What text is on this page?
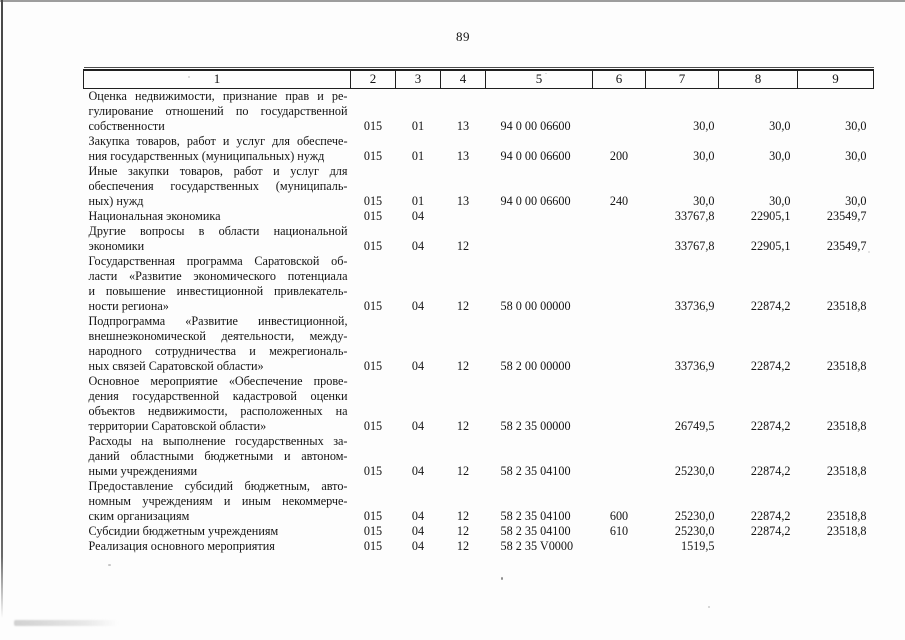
89
1	2	3	4	5	6	7	8	9

Оценка недвижимости, признание прав и ре-
гулирование отношений по государственной
собственности	015	01	13	94 0 00 06600		30,0	30,0	30,0

Закупка товаров, работ и услуг для обеспече-
ния государственных (муниципальных) нужд	015	01	13	94 0 00 06600	200	30,0	30,0	30,0

Иные закупки товаров, работ и услуг для
обеспечения государственных (муниципаль-
ных) нужд	015	01	13	94 0 00 06600	240	30,0	30,0	30,0

Национальная экономика	015	04				33767,8	22905,1	23549,7

Другие вопросы в области национальной
экономики	015	04	12			33767,8	22905,1	23549,7

Государственная программа Саратовской об-
ласти «Развитие экономического потенциала
и повышение инвестиционной привлекатель-
ности региона»	015	04	12	58 0 00 00000		33736,9	22874,2	23518,8

Подпрограмма «Развитие инвестиционной,
внешнеэкономической деятельности, между-
народного сотрудничества и межрегиональ-
ных связей Саратовской области»	015	04	12	58 2 00 00000		33736,9	22874,2	23518,8

Основное мероприятие «Обеспечение прове-
дения государственной кадастровой оценки
объектов недвижимости, расположенных на
территории Саратовской области»	015	04	12	58 2 35 00000		26749,5	22874,2	23518,8

Расходы на выполнение государственных за-
даний областными бюджетными и автоном-
ными учреждениями	015	04	12	58 2 35 04100		25230,0	22874,2	23518,8

Предоставление субсидий бюджетным, авто-
номным учреждениям и иным некоммерче-
ским организациям	015	04	12	58 2 35 04100	600	25230,0	22874,2	23518,8

Субсидии бюджетным учреждениям	015	04	12	58 2 35 04100	610	25230,0	22874,2	23518,8

Реализация основного мероприятия	015	04	12	58 2 35 V0000		1519,5		
